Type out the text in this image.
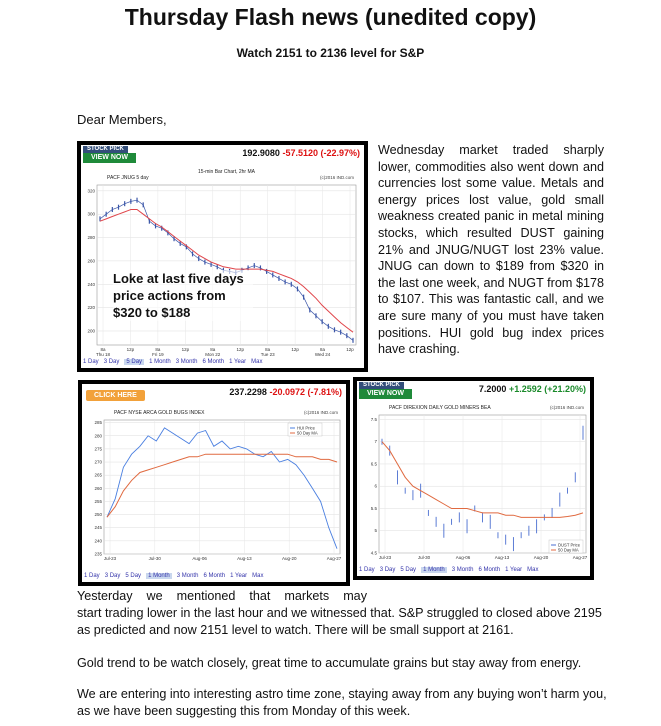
Thursday Flash news (unedited copy)
Watch 2151 to 2136 level for S&P
Dear Members,
STOCK PICK
VIEW NOW	192.9080 -57.5120 (-22.97%)
PACF JNUG 5 day
15-min Bar Chart, 2hr MA
(c)2016 IND.com
200
220
240
260
280
300
320
8a	12p	8a	12p	8a	12p	8a	12p	8a	12p
Thu 18	Fri 19	Mon 22	Tue 23	Wed 24
Loke at last five days price actions from $320 to $188
1 Day 3 Day 5 Day 1 Month 3 Month 6 Month 1 Year Max
Wednesday market traded sharply lower, commodities also went down and currencies lost some value. Metals and energy prices lost value, gold small weakness created panic in metal mining stocks, which resulted DUST gaining 21% and JNUG/NUGT lost 23% value. JNUG can down to $189 from $320 in the last one week, and NUGT from $178 to $107. This was fantastic call, and we are sure many of you must have taken positions. HUI gold bug index prices have crashing.
CLICK HERE	237.2298 -20.0972 (-7.81%)
PACF NYSE ARCA GOLD BUGS INDEX	(c)2016 IND.com
235
240
245
250
255
260
265
270
275
280
285
Jul-23	Jul-30	Aug-06	Aug-13	Aug-20	Aug-27
HUI Price
50 Day MA
1 Day 3 Day 5 Day 1 Month 3 Month 6 Month 1 Year Max
STOCK PICK
VIEW NOW	7.2000 +1.2592 (+21.20%)
PACF DIREXION DAILY GOLD MINERS BEA	(c)2016 IND.com
4.5
5
5.5
6
6.5
7
7.5
Jul-23	Jul-30	Aug-06	Aug-13	Aug-20	Aug-27
DUST Price
50 Day MA
1 Day 3 Day 5 Day 1 Month 3 Month 6 Month 1 Year Max
Yesterday we mentioned that markets may
start trading lower in the last hour and we witnessed that. S&P struggled to closed above 2195 as predicted and now 2151 level to watch. There will be small support at 2161.
Gold trend to be watch closely, great time to accumulate grains but stay away from energy.
We are entering into interesting astro time zone, staying away from any buying won’t harm you, as we have been suggesting this from Monday of this week.
